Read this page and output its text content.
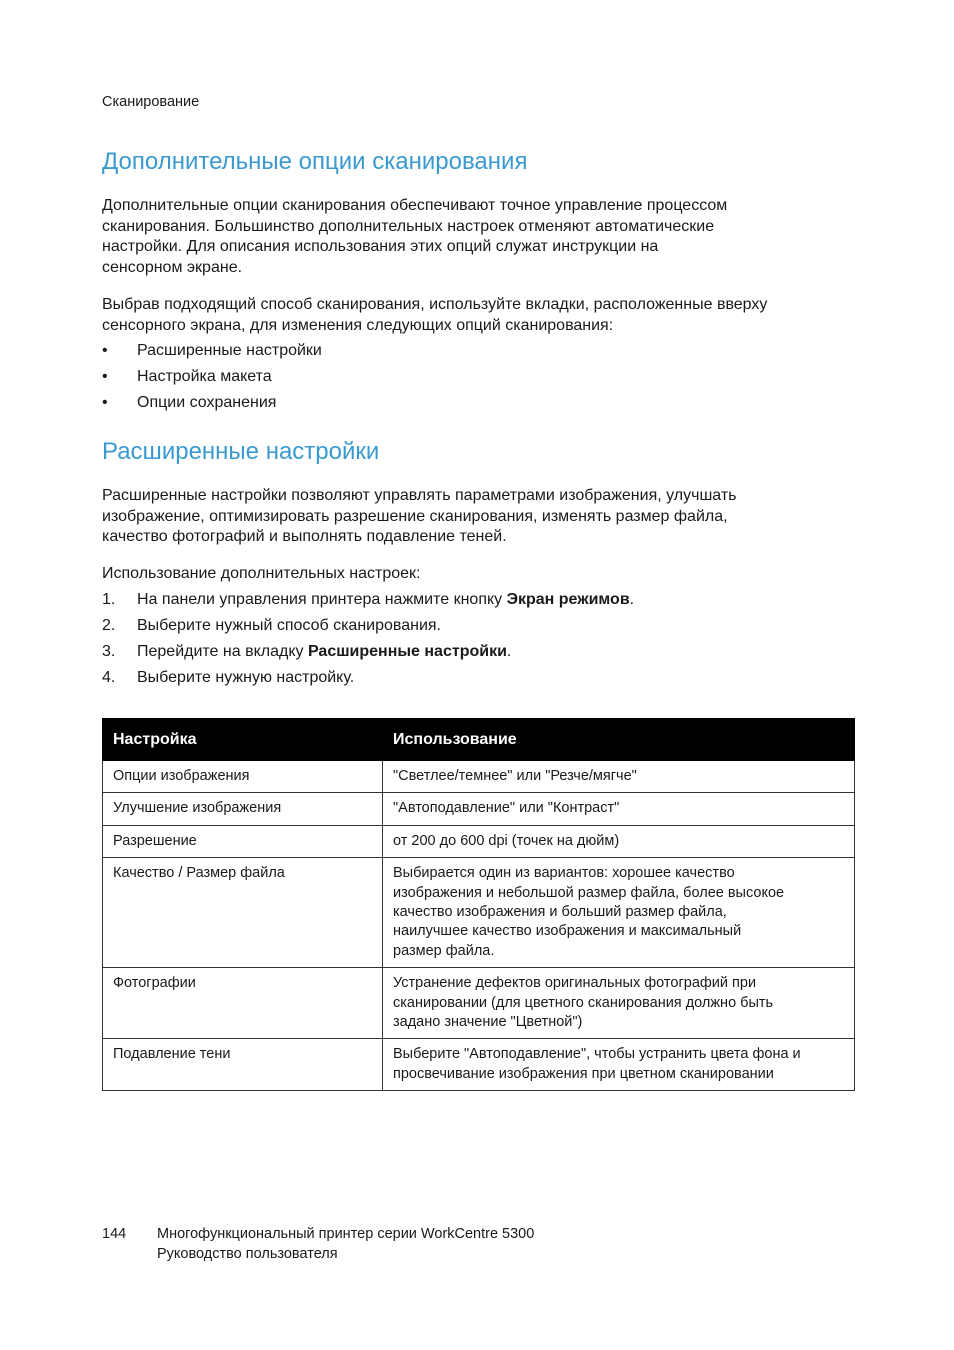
Сканирование
Дополнительные опции сканирования
Дополнительные опции сканирования обеспечивают точное управление процессом
сканирования. Большинство дополнительных настроек отменяют автоматические
настройки. Для описания использования этих опций служат инструкции на
сенсорном экране.
Выбрав подходящий способ сканирования, используйте вкладки, расположенные вверху
сенсорного экрана, для изменения следующих опций сканирования:
• Расширенные настройки
• Настройка макета
• Опции сохранения
Расширенные настройки
Расширенные настройки позволяют управлять параметрами изображения, улучшать
изображение, оптимизировать разрешение сканирования, изменять размер файла,
качество фотографий и выполнять подавление теней.
Использование дополнительных настроек:
1. На панели управления принтера нажмите кнопку Экран режимов.
2. Выберите нужный способ сканирования.
3. Перейдите на вкладку Расширенные настройки.
4. Выберите нужную настройку.
Настройка	Использование
Опции изображения	"Светлее/темнее" или "Резче/мягче"

Улучшение изображения	"Автоподавление" или "Контраст"

Разрешение	от 200 до 600 dpi (точек на дюйм)

Качество / Размер файла	Выбирается один из вариантов: хорошее качество
изображения и небольшой размер файла, более высокое
качество изображения и больший размер файла,
наилучшее качество изображения и максимальный
размер файла.

Фотографии	Устранение дефектов оригинальных фотографий при
сканировании (для цветного сканирования должно быть
задано значение "Цветной")

Подавление тени	Выберите "Автоподавление", чтобы устранить цвета фона и
просвечивание изображения при цветном сканировании
144 Многофункциональный принтер серии WorkCentre 5300
Руководство пользователя
